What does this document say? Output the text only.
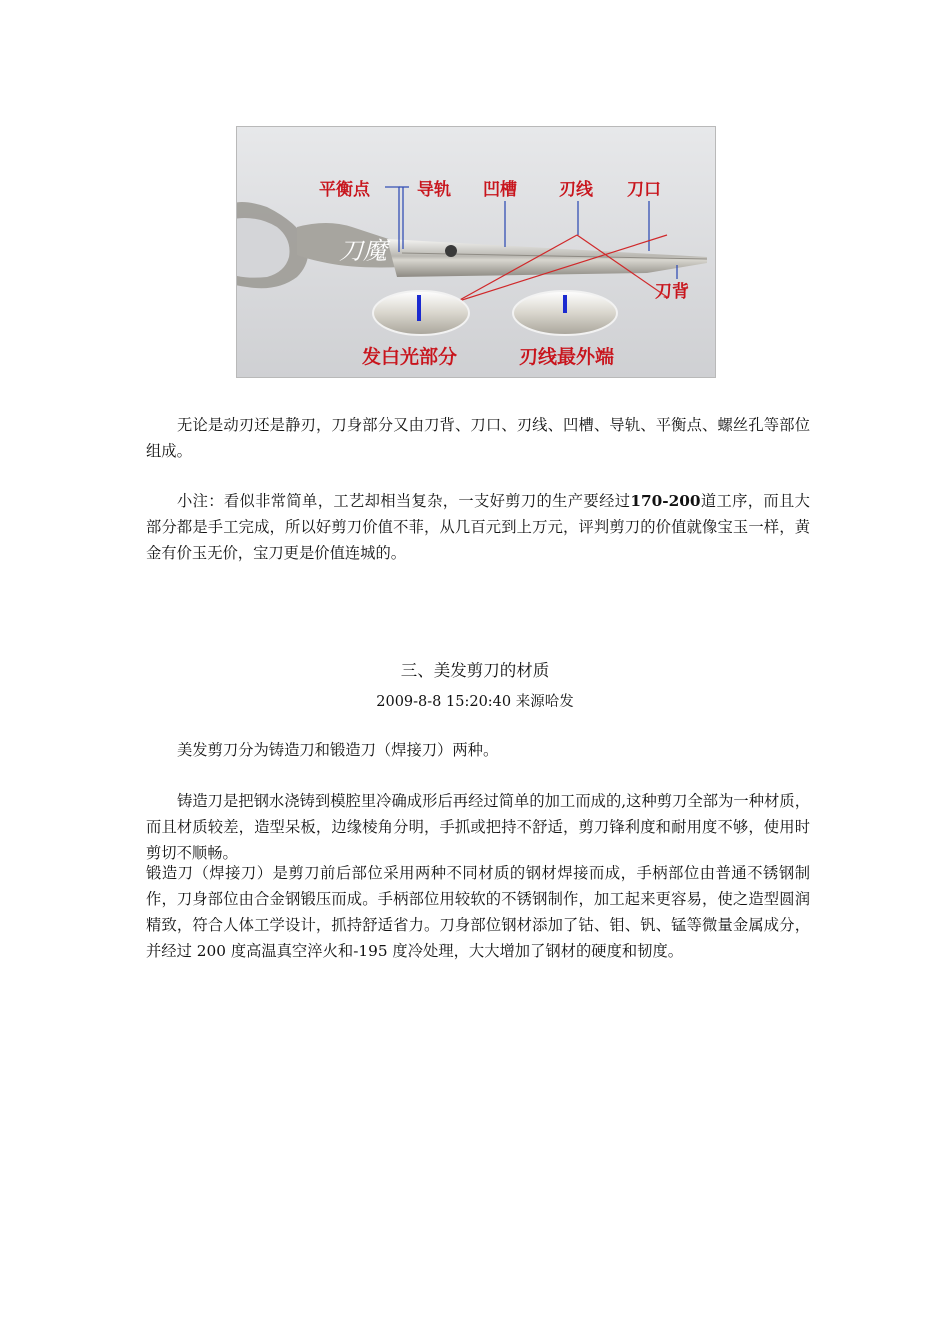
刀魔
平衡点	导轨 凹槽 刃线 刀口
刀背
发白光部分	刃线最外端

无论是动刃还是静刃，刀身部分又由刀背、刀口、刃线、凹槽、导轨、平衡点、螺丝孔等部位组成。

小注：看似非常简单，工艺却相当复杂，一支好剪刀的生产要经过170-200道工序，而且大部分都是手工完成，所以好剪刀价值不菲，从几百元到上万元，评判剪刀的价值就像宝玉一样，黄金有价玉无价，宝刀更是价值连城的。

三、美发剪刀的材质

2009-8-8 15:20:40 来源哈发

美发剪刀分为铸造刀和锻造刀（焊接刀）两种。

铸造刀是把钢水浇铸到模腔里冷确成形后再经过简单的加工而成的,这种剪刀全部为一种材质，而且材质较差，造型呆板，边缘棱角分明，手抓或把持不舒适，剪刀锋利度和耐用度不够，使用时剪切不顺畅。

锻造刀（焊接刀）是剪刀前后部位采用两种不同材质的钢材焊接而成，手柄部位由普通不锈钢制作，刀身部位由合金钢锻压而成。手柄部位用较软的不锈钢制作，加工起来更容易，使之造型圆润精致，符合人体工学设计，抓持舒适省力。刀身部位钢材添加了钴、钼、钒、锰等微量金属成分，并经过 200 度高温真空淬火和-195 度冷处理，大大增加了钢材的硬度和韧度。
